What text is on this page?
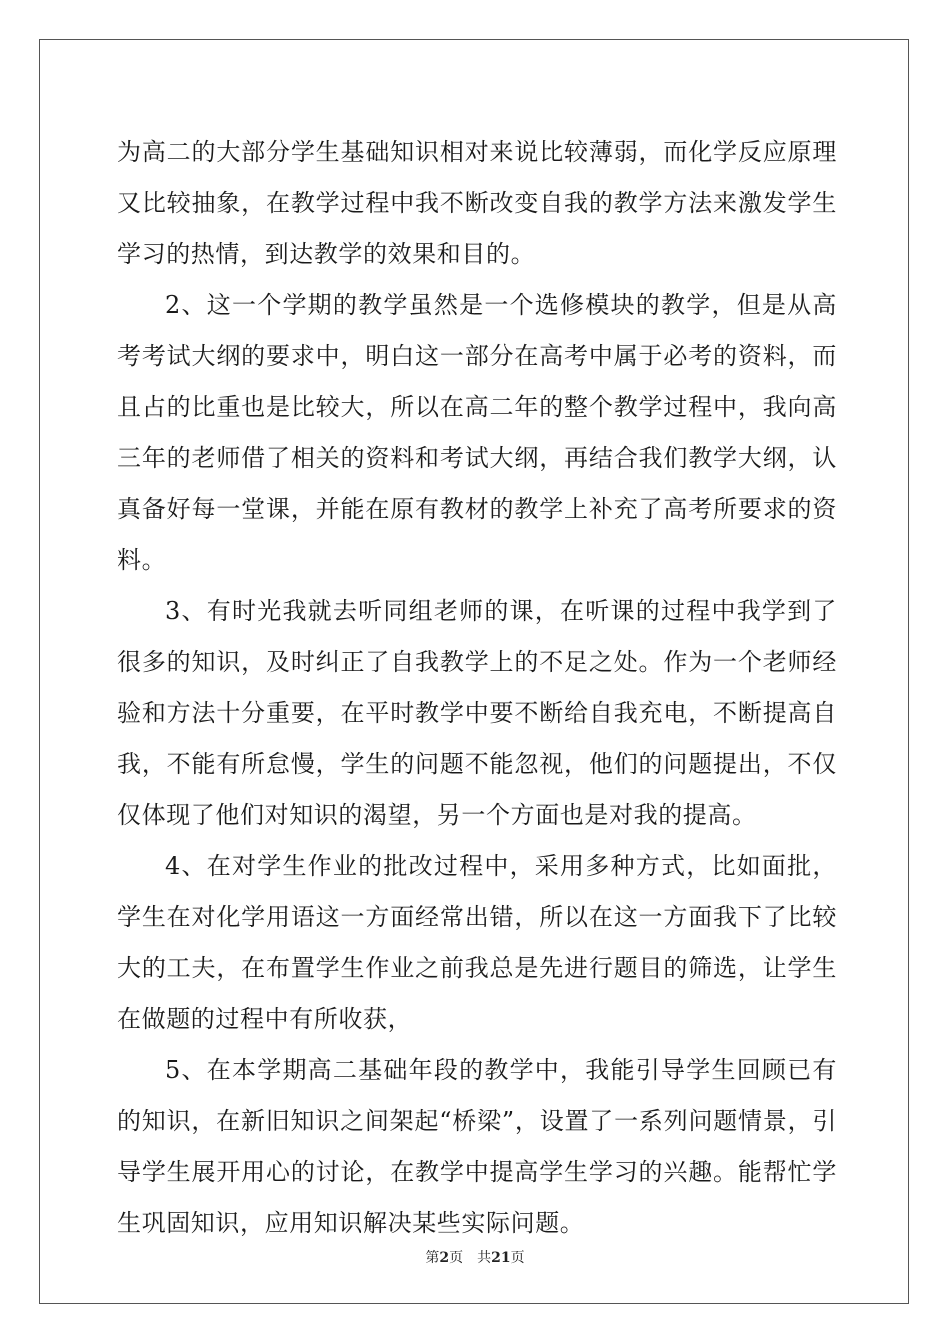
为高二的大部分学生基础知识相对来说比较薄弱，而化学反应原理又比较抽象，在教学过程中我不断改变自我的教学方法来激发学生学习的热情，到达教学的效果和目的。

2、这一个学期的教学虽然是一个选修模块的教学，但是从高考考试大纲的要求中，明白这一部分在高考中属于必考的资料，而且占的比重也是比较大，所以在高二年的整个教学过程中，我向高三年的老师借了相关的资料和考试大纲，再结合我们教学大纲，认真备好每一堂课，并能在原有教材的教学上补充了高考所要求的资料。

3、有时光我就去听同组老师的课，在听课的过程中我学到了很多的知识，及时纠正了自我教学上的不足之处。作为一个老师经验和方法十分重要，在平时教学中要不断给自我充电，不断提高自我，不能有所怠慢，学生的问题不能忽视，他们的问题提出，不仅仅体现了他们对知识的渴望，另一个方面也是对我的提高。

4、在对学生作业的批改过程中，采用多种方式，比如面批，学生在对化学用语这一方面经常出错，所以在这一方面我下了比较大的工夫，在布置学生作业之前我总是先进行题目的筛选，让学生在做题的过程中有所收获，

5、在本学期高二基础年段的教学中，我能引导学生回顾已有的知识，在新旧知识之间架起“桥梁”，设置了一系列问题情景，引导学生展开用心的讨论，在教学中提高学生学习的兴趣。能帮忙学生巩固知识，应用知识解决某些实际问题。

第2页 共21页
